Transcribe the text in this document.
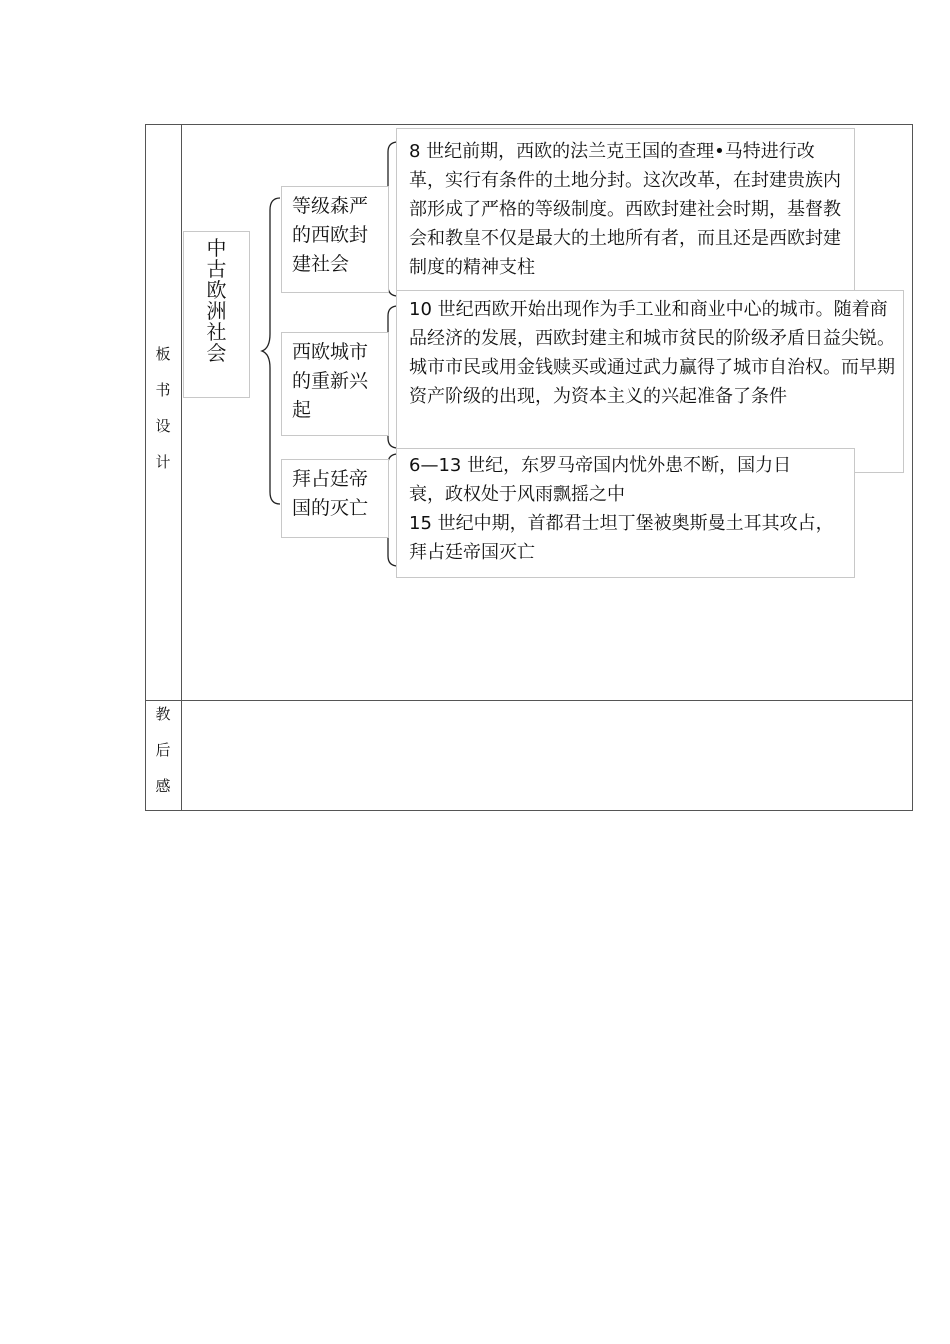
板
书
设
计
教
后
感
中古欧洲社会
等级森严的西欧封建社会
西欧城市的重新兴起
拜占廷帝国的灭亡
8 世纪前期，西欧的法兰克王国的查理•马特进行改革，实行有条件的土地分封。这次改革，在封建贵族内部形成了严格的等级制度。西欧封建社会时期，基督教会和教皇不仅是最大的土地所有者，而且还是西欧封建制度的精神支柱
10 世纪西欧开始出现作为手工业和商业中心的城市。随着商品经济的发展，西欧封建主和城市贫民的阶级矛盾日益尖锐。城市市民或用金钱赎买或通过武力赢得了城市自治权。而早期资产阶级的出现，为资本主义的兴起准备了条件
6—13 世纪，东罗马帝国内忧外患不断，国力日衰，政权处于风雨飘摇之中
15 世纪中期，首都君士坦丁堡被奥斯曼土耳其攻占，拜占廷帝国灭亡
